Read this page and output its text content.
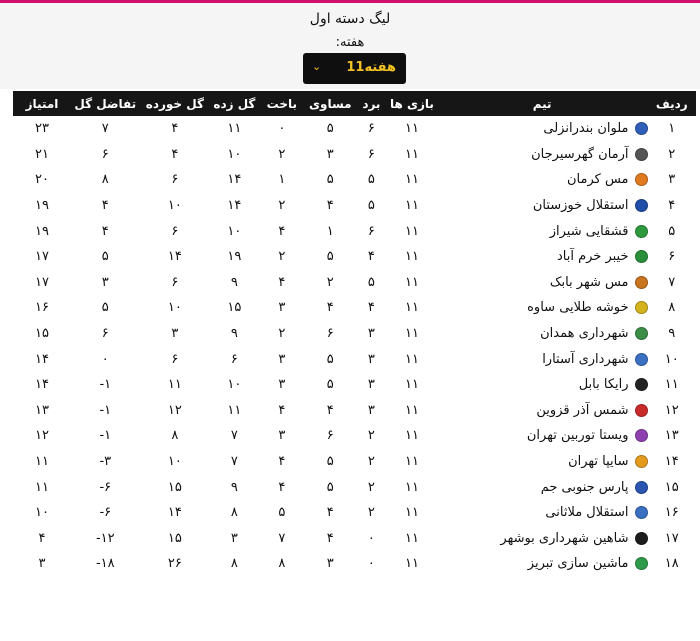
لیگ دسته اول
هفته:
هفته11
⌄
ردیف	تیم	بازی ها	برد	مساوی	باخت	گل زده	گل خورده	تفاضل گل	امتیاز
۱	ملوان بندرانزلی	۱۱	۶	۵	۰	۱۱	۴	۷	۲۳
۲	آرمان گهرسیرجان	۱۱	۶	۳	۲	۱۰	۴	۶	۲۱
۳	مس کرمان	۱۱	۵	۵	۱	۱۴	۶	۸	۲۰
۴	استقلال خوزستان	۱۱	۵	۴	۲	۱۴	۱۰	۴	۱۹
۵	قشقایی شیراز	۱۱	۶	۱	۴	۱۰	۶	۴	۱۹
۶	خیبر خرم آباد	۱۱	۴	۵	۲	۱۹	۱۴	۵	۱۷
۷	مس شهر بابک	۱۱	۵	۲	۴	۹	۶	۳	۱۷
۸	خوشه طلایی ساوه	۱۱	۴	۴	۳	۱۵	۱۰	۵	۱۶
۹	شهرداری همدان	۱۱	۳	۶	۲	۹	۳	۶	۱۵
۱۰	شهرداری آستارا	۱۱	۳	۵	۳	۶	۶	۰	۱۴
۱۱	رایکا بابل	۱۱	۳	۵	۳	۱۰	۱۱	۱-	۱۴
۱۲	شمس آذر قزوین	۱۱	۳	۴	۴	۱۱	۱۲	۱-	۱۳
۱۳	ویستا توربین تهران	۱۱	۲	۶	۳	۷	۸	۱-	۱۲
۱۴	سایپا تهران	۱۱	۲	۵	۴	۷	۱۰	۳-	۱۱
۱۵	پارس جنوبی جم	۱۱	۲	۵	۴	۹	۱۵	۶-	۱۱
۱۶	استقلال ملاثانی	۱۱	۲	۴	۵	۸	۱۴	۶-	۱۰
۱۷	شاهین شهرداری بوشهر	۱۱	۰	۴	۷	۳	۱۵	۱۲-	۴
۱۸	ماشین سازی تبریز	۱۱	۰	۳	۸	۸	۲۶	۱۸-	۳
